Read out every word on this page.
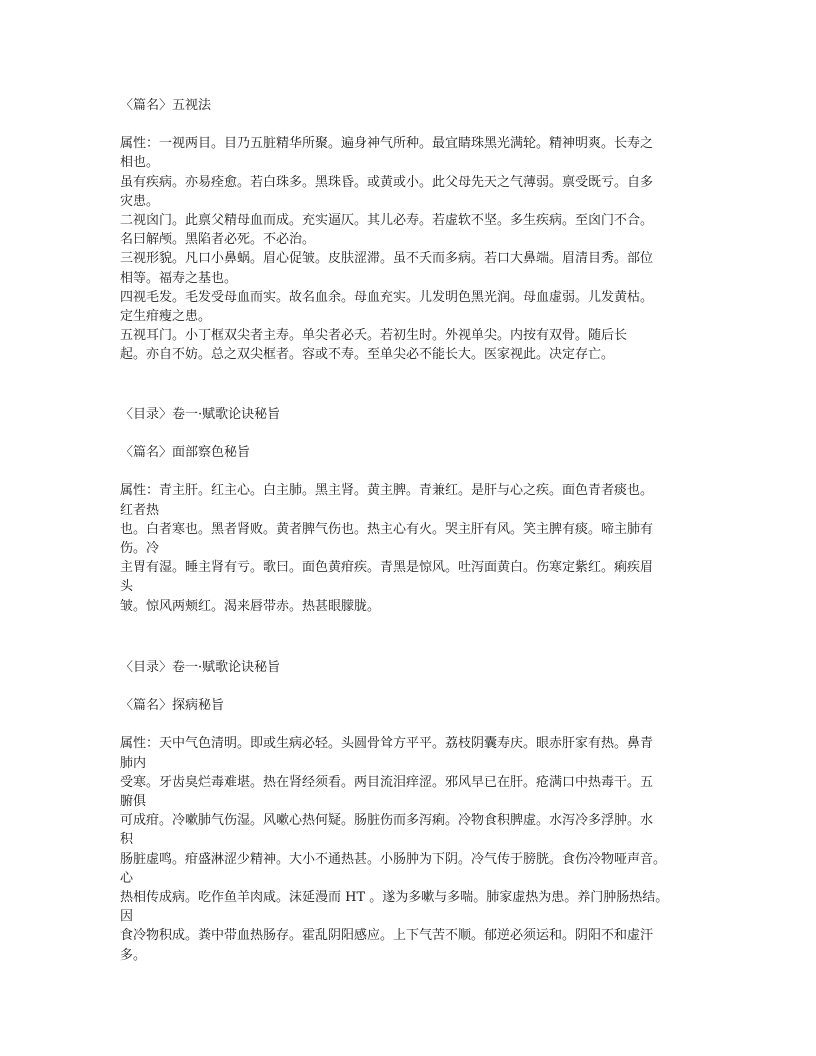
〈篇名〉五视法

属性：一视两目。目乃五脏精华所聚。遍身神气所种。最宜睛珠黑光满轮。精神明爽。长寿之

相也。

虽有疾病。亦易痊愈。若白珠多。黑珠昏。或黄或小。此父母先天之气薄弱。禀受既亏。自多

灾患。

二视囟门。此禀父精母血而成。充实逼仄。其儿必寿。若虚软不坚。多生疾病。至囟门不合。

名曰解颅。黑陷者必死。不必治。

三视形貌。凡口小鼻蜗。眉心促皱。皮肤涩滞。虽不夭而多病。若口大鼻端。眉清目秀。部位

相等。福寿之基也。

四视毛发。毛发受母血而实。故名血余。母血充实。儿发明色黑光润。母血虚弱。儿发黄枯。

定生疳瘦之患。

五视耳门。小丁框双尖者主寿。单尖者必夭。若初生时。外视单尖。内按有双骨。随后长

起。亦自不妨。总之双尖框者。容或不寿。至单尖必不能长大。医家视此。决定存亡。

〈目录〉卷一·赋歌论诀秘旨

〈篇名〉面部察色秘旨

属性：青主肝。红主心。白主肺。黑主肾。黄主脾。青兼红。是肝与心之疾。面色青者痰也。

红者热

也。白者寒也。黑者肾败。黄者脾气伤也。热主心有火。哭主肝有风。笑主脾有痰。啼主肺有

伤。冷

主胃有湿。睡主肾有亏。歌曰。面色黄疳疾。青黑是惊风。吐泻面黄白。伤寒定紫红。痢疾眉

头

皱。惊风两颊红。渴来唇带赤。热甚眼朦胧。

〈目录〉卷一·赋歌论诀秘旨

〈篇名〉探病秘旨

属性：天中气色清明。即或生病必轻。头圆骨耸方平平。荔枝阴囊寿庆。眼赤肝家有热。鼻青

肺内

受寒。牙齿臭烂毒难堪。热在肾经须看。两目流泪痒涩。邪风早已在肝。疮满口中热毒干。五

腑俱

可成疳。冷嗽肺气伤湿。风嗽心热何疑。肠脏伤而多泻痢。冷物食积脾虚。水泻冷多浮肿。水

积

肠脏虚鸣。疳盛淋涩少精神。大小不通热甚。小肠肿为下阴。冷气传于膀胱。食伤冷物哑声音。

心

热相传成病。吃作鱼羊肉咸。沫延漫而 HT 。遂为多嗽与多喘。肺家虚热为患。养门肿肠热结。

因

食冷物积成。粪中带血热肠存。霍乱阴阳感应。上下气苦不顺。郁逆必须运和。阴阳不和虚汗

多。
